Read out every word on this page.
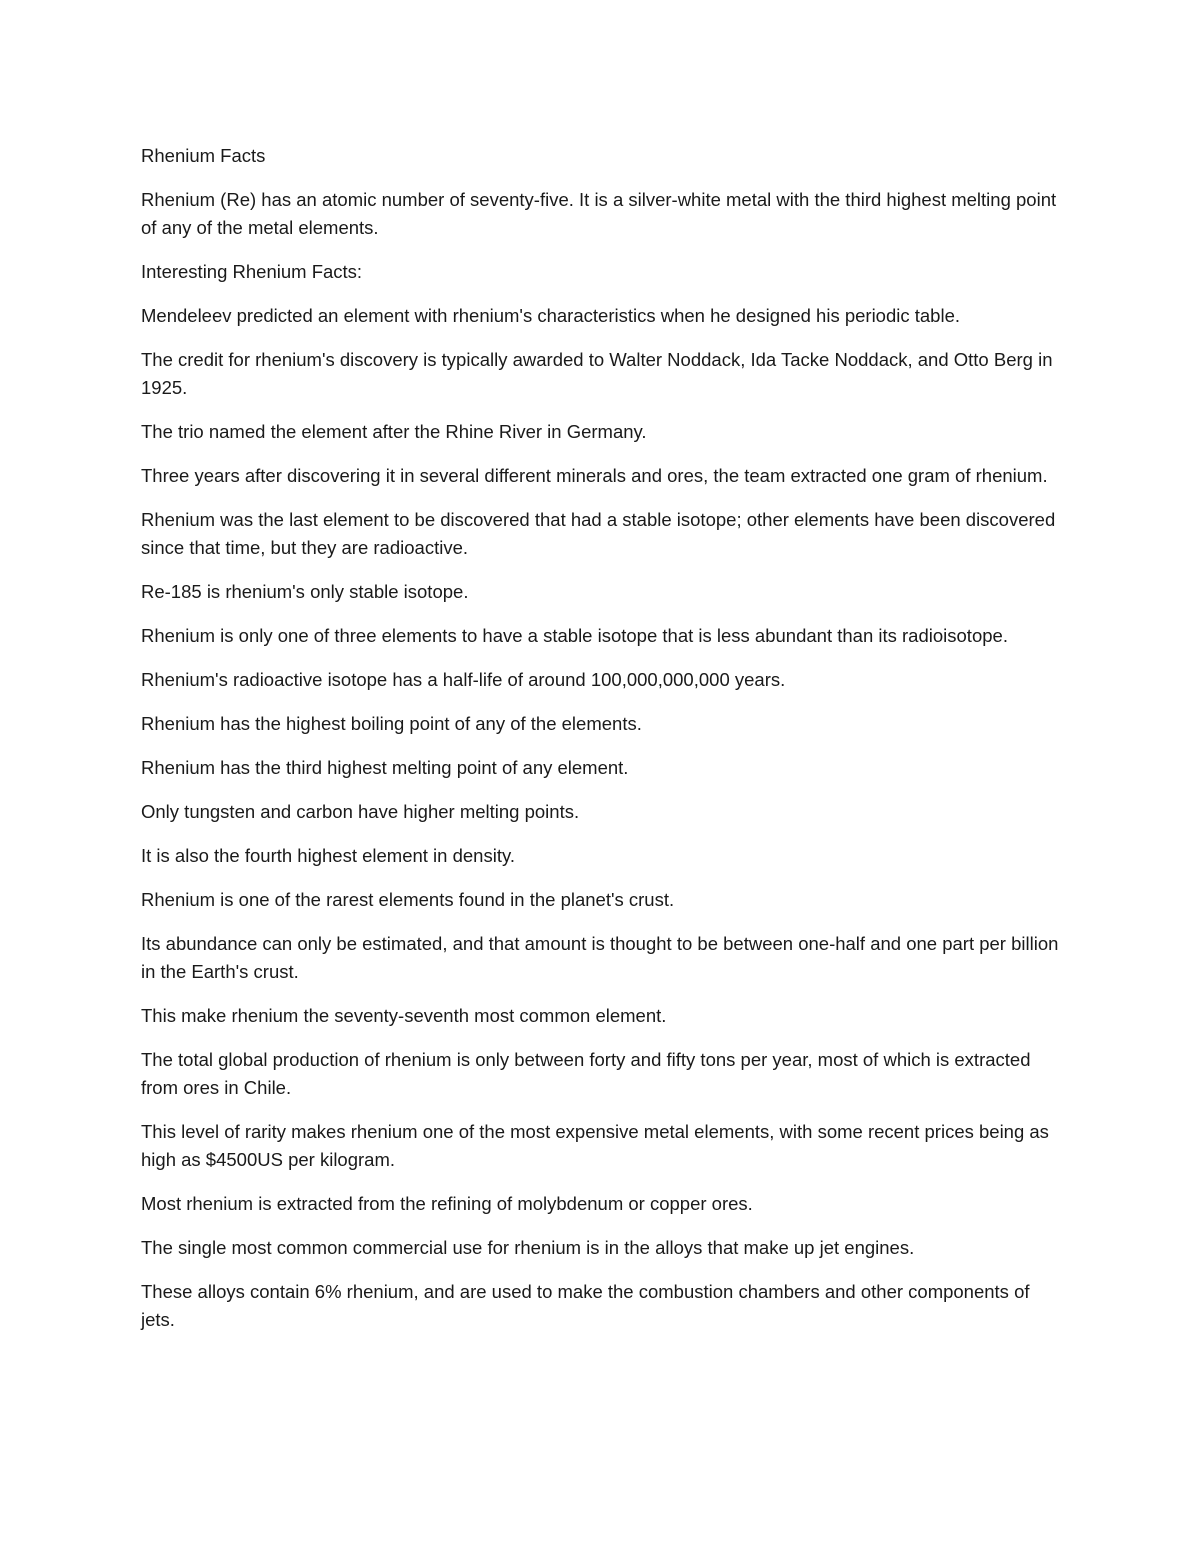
Rhenium Facts

Rhenium (Re) has an atomic number of seventy-five. It is a silver-white metal with the third highest melting point of any of the metal elements.

Interesting Rhenium Facts:

Mendeleev predicted an element with rhenium's characteristics when he designed his periodic table.

The credit for rhenium's discovery is typically awarded to Walter Noddack, Ida Tacke Noddack, and Otto Berg in 1925.

The trio named the element after the Rhine River in Germany.

Three years after discovering it in several different minerals and ores, the team extracted one gram of rhenium.

Rhenium was the last element to be discovered that had a stable isotope; other elements have been discovered since that time, but they are radioactive.

Re-185 is rhenium's only stable isotope.

Rhenium is only one of three elements to have a stable isotope that is less abundant than its radioisotope.

Rhenium's radioactive isotope has a half-life of around 100,000,000,000 years.

Rhenium has the highest boiling point of any of the elements.

Rhenium has the third highest melting point of any element.

Only tungsten and carbon have higher melting points.

It is also the fourth highest element in density.

Rhenium is one of the rarest elements found in the planet's crust.

Its abundance can only be estimated, and that amount is thought to be between one-half and one part per billion in the Earth's crust.

This make rhenium the seventy-seventh most common element.

The total global production of rhenium is only between forty and fifty tons per year, most of which is extracted from ores in Chile.

This level of rarity makes rhenium one of the most expensive metal elements, with some recent prices being as high as $4500US per kilogram.

Most rhenium is extracted from the refining of molybdenum or copper ores.

The single most common commercial use for rhenium is in the alloys that make up jet engines.

These alloys contain 6% rhenium, and are used to make the combustion chambers and other components of jets.
